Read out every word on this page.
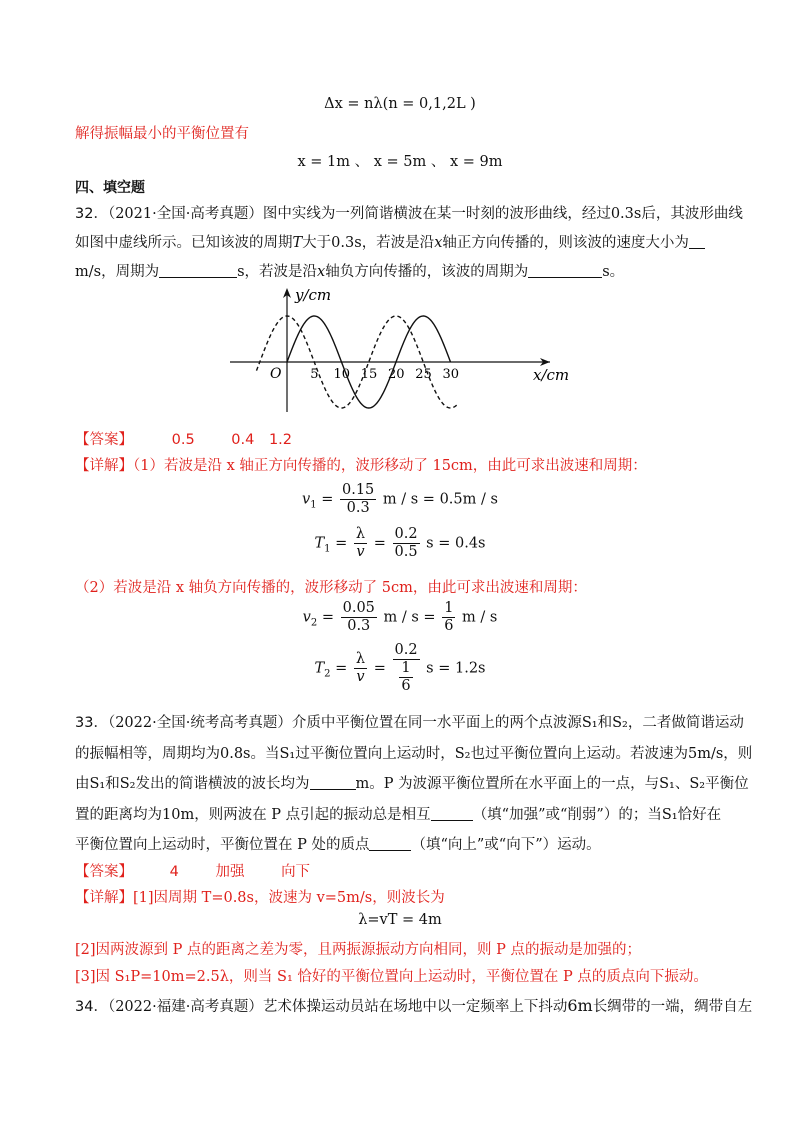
Δx = nλ(n = 0,1,2L )
解得振幅最小的平衡位置有
x = 1m 、 x = 5m 、 x = 9m
四、填空题
32．（2021·全国·高考真题）图中实线为一列简谐横波在某一时刻的波形曲线，经过0.3s后，其波形曲线
如图中虚线所示。已知该波的周期T大于0.3s，若波是沿x轴正方向传播的，则该波的速度大小为
m/s，周期为	s，若波是沿x轴负方向传播的，该波的周期为	s。
y/cm
x/cm
O 5 10 15 20 25 30
【答案】	0.5	0.4 1.2
【详解】（1）若波是沿 x 轴正方向传播的，波形移动了 15cm，由此可求出波速和周期：
$v_1 = \frac{0.15}{0.3}$ m / s = 0.5m / s
$T_1 = \frac{\lambda}{v} = \frac{0.2}{0.5}$ s = 0.4s
（2）若波是沿 x 轴负方向传播的，波形移动了 5cm，由此可求出波速和周期：
$v_2 = \frac{0.05}{0.3}$ $m / s = \frac{1}{6}$ m / s
$T_2 = \frac{\lambda}{v} = \frac{0.2}{\frac{1}{6}}$ s = 1.2s
33．（2022·全国·统考高考真题）介质中平衡位置在同一水平面上的两个点波源S₁和S₂，二者做简谐运动
的振幅相等，周期均为0.8s。当S₁过平衡位置向上运动时，S₂也过平衡位置向上运动。若波速为5m/s，则
由S₁和S₂发出的简谐横波的波长均为	m。P 为波源平衡位置所在水平面上的一点，与S₁、S₂平衡位
置的距离均为10m，则两波在 P 点引起的振动总是相互	（填“加强”或“削弱”）的；当S₁恰好在
平衡位置向上运动时，平衡位置在 P 处的质点	（填“向上”或“向下”）运动。
【答案】	4	加强	向下
【详解】[1]因周期 T=0.8s，波速为 v=5m/s，则波长为
λ=vT = 4m
[2]因两波源到 P 点的距离之差为零，且两振源振动方向相同，则 P 点的振动是加强的；
[3]因 S₁P=10m=2.5λ，则当 S₁ 恰好的平衡位置向上运动时，平衡位置在 P 点的质点向下振动。
34．（2022·福建·高考真题）艺术体操运动员站在场地中以一定频率上下抖动6m长绸带的一端，绸带自左
